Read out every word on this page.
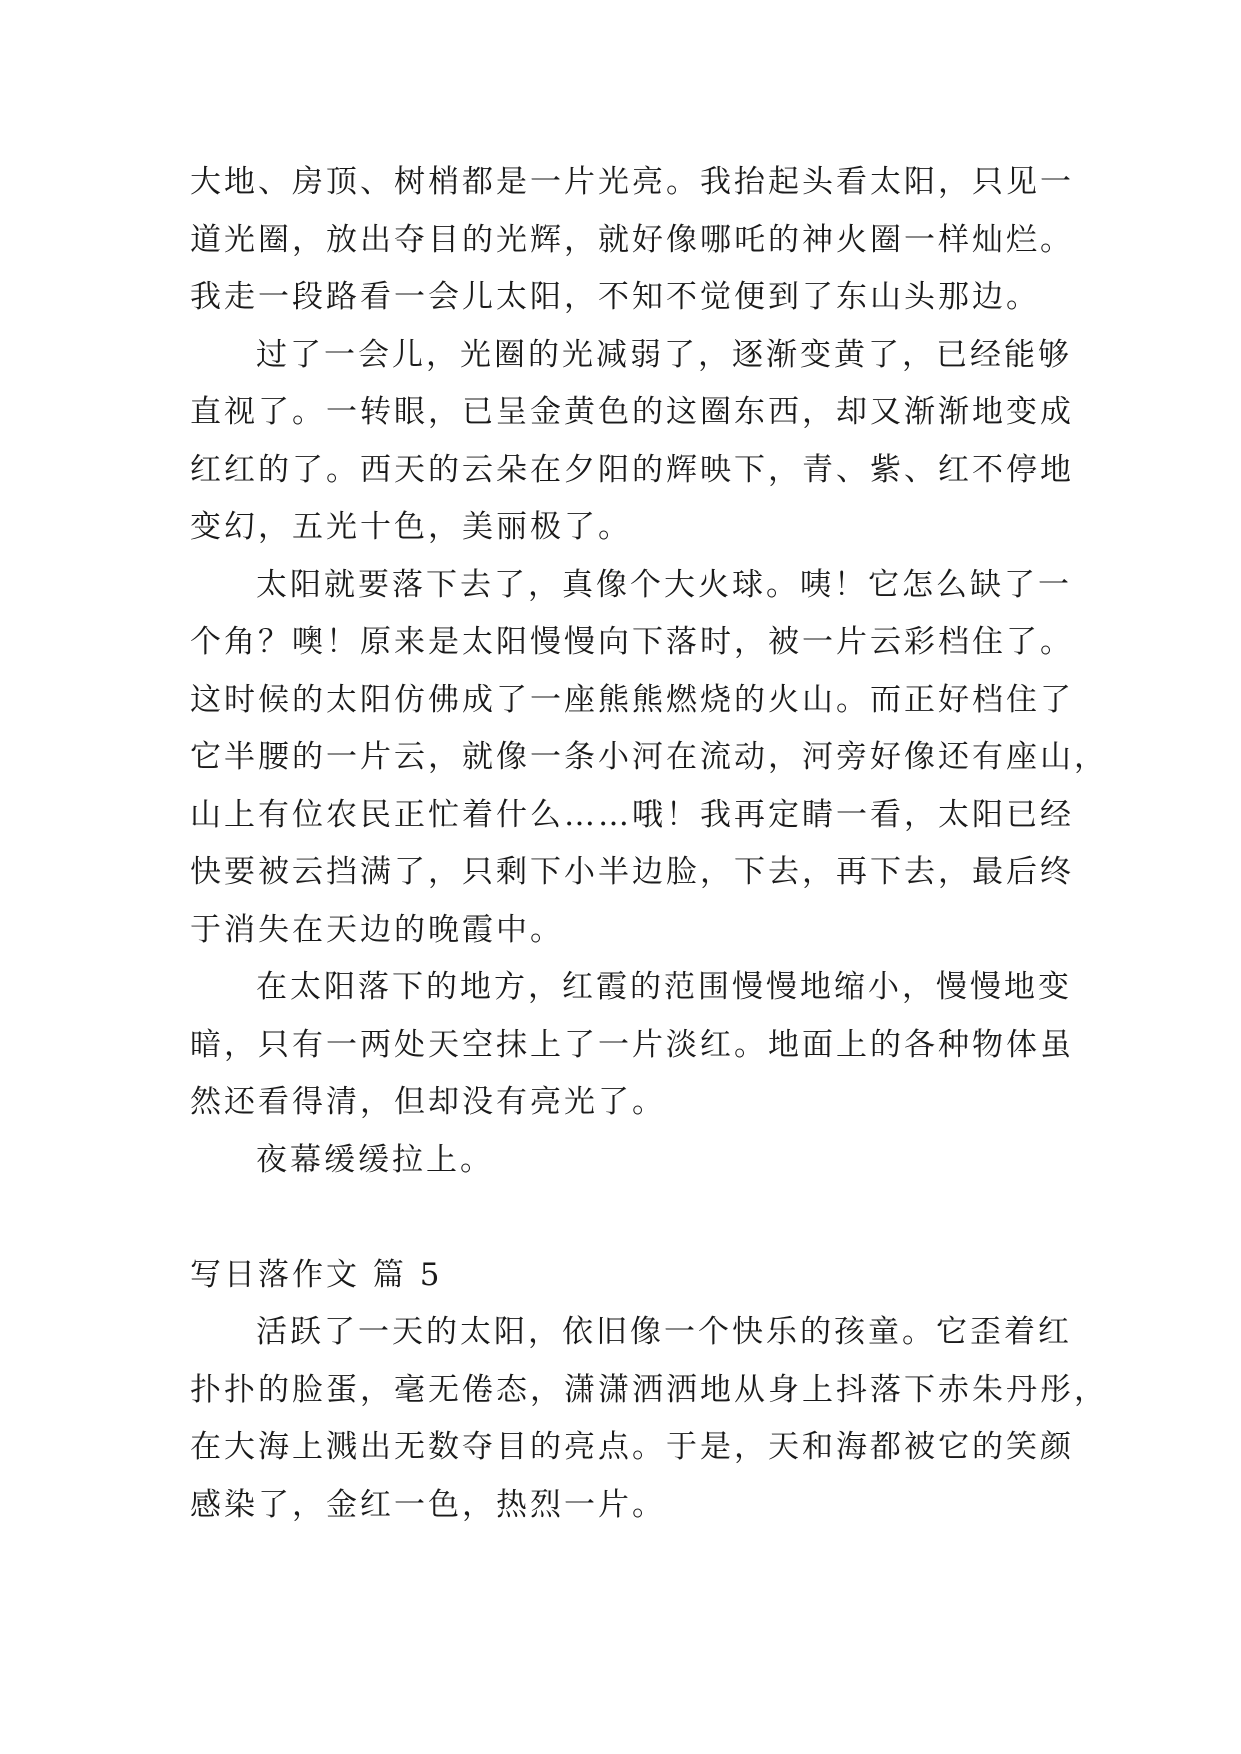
大地、房顶、树梢都是一片光亮。我抬起头看太阳，只见一
道光圈，放出夺目的光辉，就好像哪吒的神火圈一样灿烂。
我走一段路看一会儿太阳，不知不觉便到了东山头那边。
过了一会儿，光圈的光减弱了，逐渐变黄了，已经能够
直视了。一转眼，已呈金黄色的这圈东西，却又渐渐地变成
红红的了。西天的云朵在夕阳的辉映下，青、紫、红不停地
变幻，五光十色，美丽极了。
太阳就要落下去了，真像个大火球。咦！它怎么缺了一
个角？噢！原来是太阳慢慢向下落时，被一片云彩档住了。
这时候的太阳仿佛成了一座熊熊燃烧的火山。而正好档住了
它半腰的一片云，就像一条小河在流动，河旁好像还有座山，
山上有位农民正忙着什么……哦！我再定睛一看，太阳已经
快要被云挡满了，只剩下小半边脸，下去，再下去，最后终
于消失在天边的晚霞中。
在太阳落下的地方，红霞的范围慢慢地缩小，慢慢地变
暗，只有一两处天空抹上了一片淡红。地面上的各种物体虽
然还看得清，但却没有亮光了。
夜幕缓缓拉上。
写日落作文 篇 5
活跃了一天的太阳，依旧像一个快乐的孩童。它歪着红
扑扑的脸蛋，毫无倦态，潇潇洒洒地从身上抖落下赤朱丹彤，
在大海上溅出无数夺目的亮点。于是，天和海都被它的笑颜
感染了，金红一色，热烈一片。
